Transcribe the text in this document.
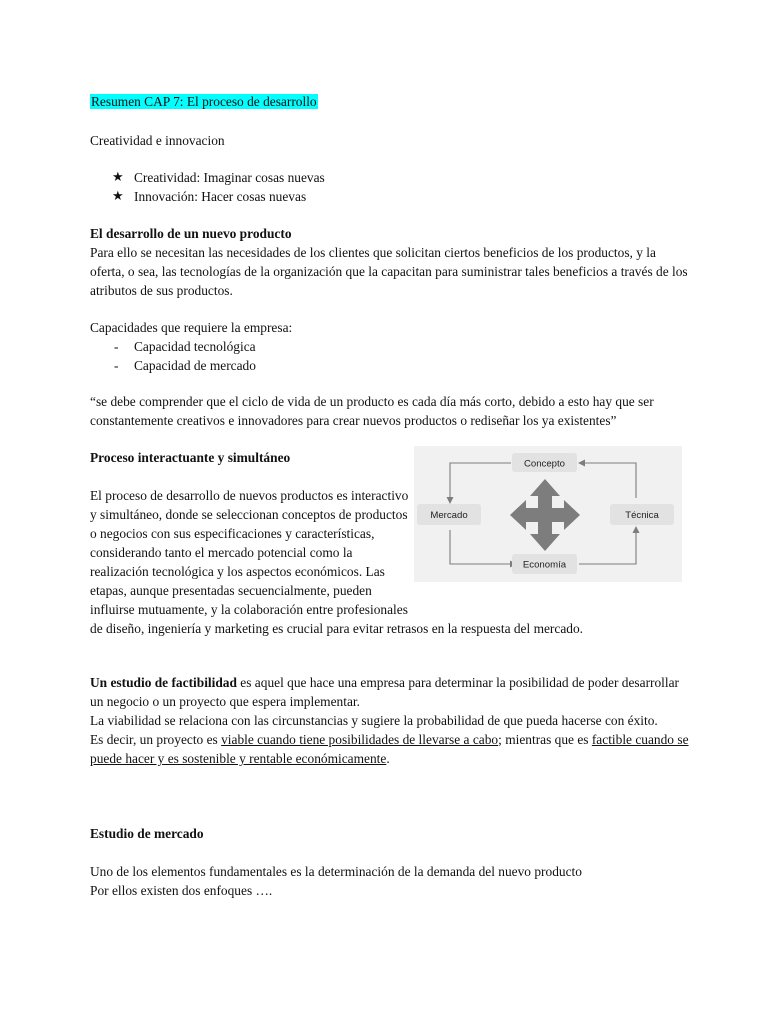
Resumen CAP 7: El proceso de desarrollo

Creatividad e innovacion

★ Creatividad: Imaginar cosas nuevas
★ Innovación: Hacer cosas nuevas
El desarrollo de un nuevo producto
Para ello se necesitan las necesidades de los clientes que solicitan ciertos beneficios de los productos, y la oferta, o sea, las tecnologías de la organización que la capacitan para suministrar tales beneficios a través de los atributos de sus productos.
Capacidades que requiere la empresa:
- Capacidad tecnológica
- Capacidad de mercado

“se debe comprender que el ciclo de vida de un producto es cada día más corto, debido a esto hay que ser constantemente creativos e innovadores para crear nuevos productos o rediseñar los ya existentes”

Proceso interactuante y simultáneo
El proceso de desarrollo de nuevos productos es interactivo y simultáneo, donde se seleccionan conceptos de productos o negocios con sus especificaciones y características, considerando tanto el mercado potencial como la realización tecnológica y los aspectos económicos. Las etapas, aunque presentadas secuencialmente, pueden influirse mutuamente, y la colaboración entre profesionales de diseño, ingeniería y marketing es crucial para evitar retrasos en la respuesta del mercado.
Concepto
Mercado	Técnica
Economía
Un estudio de factibilidad es aquel que hace una empresa para determinar la posibilidad de poder desarrollar un negocio o un proyecto que espera implementar.
La viabilidad se relaciona con las circunstancias y sugiere la probabilidad de que pueda hacerse con éxito.
Es decir, un proyecto es viable cuando tiene posibilidades de llevarse a cabo; mientras que es factible cuando se puede hacer y es sostenible y rentable económicamente.
Estudio de mercado
Uno de los elementos fundamentales es la determinación de la demanda del nuevo producto
Por ellos existen dos enfoques ….
